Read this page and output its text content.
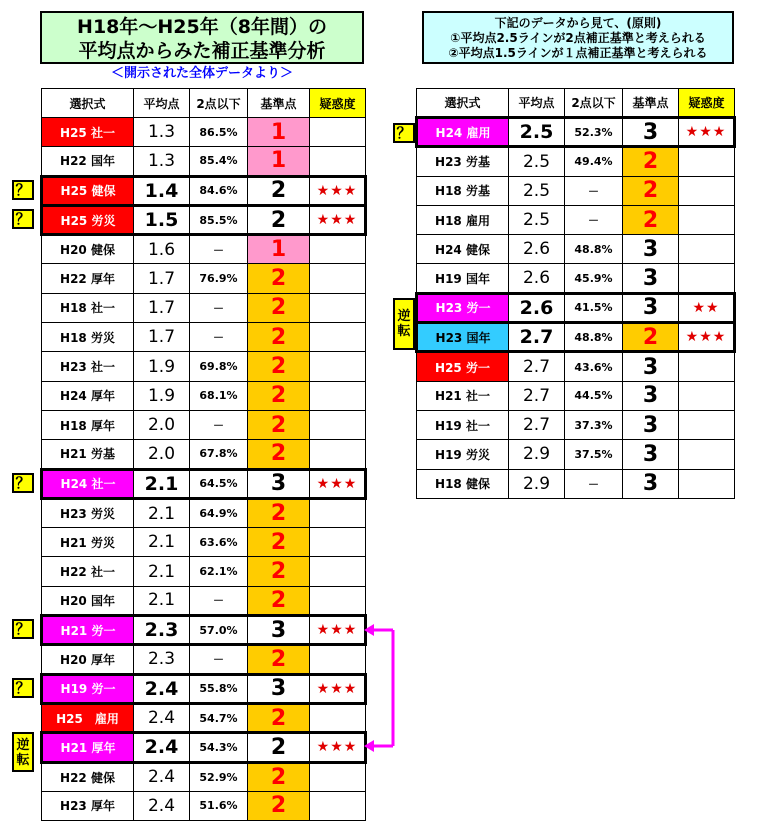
H18年～H25年（8年間）の
平均点からみた補正基準分析
＜開示された全体データより＞
下記のデータから見て、(原則)
①平均点2.5ラインが2点補正基準と考えられる
②平均点1.5ラインが１点補正基準と考えられる
選択式	平均点	2点以下	基準点	疑惑度
H25 社一	1.3	86.5%	1	
H22 国年	1.3	85.4%	1	
H25 健保	1.4	84.6%	2	★★★
H25 労災	1.5	85.5%	2	★★★
H20 健保	1.6	－	1	
H22 厚年	1.7	76.9%	2	
H18 社一	1.7	－	2	
H18 労災	1.7	－	2	
H23 社一	1.9	69.8%	2	
H24 厚年	1.9	68.1%	2	
H18 厚年	2.0	－	2	
H21 労基	2.0	67.8%	2	
H24 社一	2.1	64.5%	3	★★★
H23 労災	2.1	64.9%	2	
H21 労災	2.1	63.6%	2	
H22 社一	2.1	62.1%	2	
H20 国年	2.1	－	2	
H21 労一	2.3	57.0%	3	★★★
H20 厚年	2.3	－	2	
H19 労一	2.4	55.8%	3	★★★
H25　雇用	2.4	54.7%	2	
H21 厚年	2.4	54.3%	2	★★★
H22 健保	2.4	52.9%	2	
H23 厚年	2.4	51.6%	2	
選択式	平均点	2点以下	基準点	疑惑度
H24 雇用	2.5	52.3%	3	★★★
H23 労基	2.5	49.4%	2	
H18 労基	2.5	－	2	
H18 雇用	2.5	－	2	
H24 健保	2.6	48.8%	3	
H19 国年	2.6	45.9%	3	
H23 労一	2.6	41.5%	3	★★
H23 国年	2.7	48.8%	2	★★★
H25 労一	2.7	43.6%	3	
H21 社一	2.7	44.5%	3	
H19 社一	2.7	37.3%	3	
H19 労災	2.9	37.5%	3	
H18 健保	2.9	－	3	
？
？
？
？
？
？
逆
転
逆
転
